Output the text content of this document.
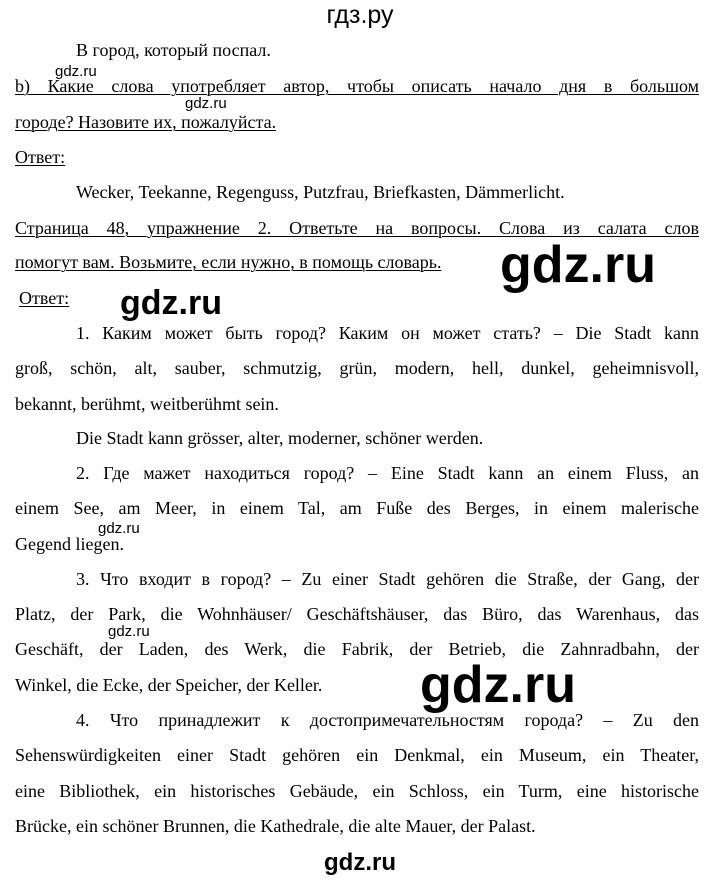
гдз.ру
В город, который поспал.
gdz.ru
b) Какие слова употребляет автор, чтобы описать начало дня в большом
gdz.ru
городе? Назовите их, пожалуйста.
Ответ:
Wecker, Teekanne, Regenguss, Putzfrau, Briefkasten, Dämmerlicht.
Страница 48, упражнение 2. Ответьте на вопросы. Слова из салата слов
помогут вам. Возьмите, если нужно, в помощь словарь. gdz.ru
Ответ: gdz.ru
1. Каким может быть город? Каким он может стать? – Die Stadt kann
groß, schön, alt, sauber, schmutzig, grün, modern, hell, dunkel, geheimnisvoll,
bekannt, berühmt, weitberühmt sein.
Die Stadt kann grösser, alter, moderner, schöner werden.
2. Где мажет находиться город? – Eine Stadt kann an einem Fluss, an
einem See, am Meer, in einem Tal, am Fuße des Berges, in einem malerische
gdz.ru
Gegend liegen.
3. Что входит в город? – Zu einer Stadt gehören die Straße, der Gang, der
Platz, der Park, die Wohnhäuser/ Geschäftshäuser, das Büro, das Warenhaus, das
gdz.ru
Geschäft, der Laden, des Werk, die Fabrik, der Betrieb, die Zahnradbahn, der
Winkel, die Ecke, der Speicher, der Keller. gdz.ru
4. Что принадлежит к достопримечательностям города? – Zu den
Sehenswürdigkeiten einer Stadt gehören ein Denkmal, ein Museum, ein Theater,
eine Bibliothek, ein historisches Gebäude, ein Schloss, ein Turm, eine historische
Brücke, ein schöner Brunnen, die Kathedrale, die alte Mauer, der Palast.
gdz.ru
